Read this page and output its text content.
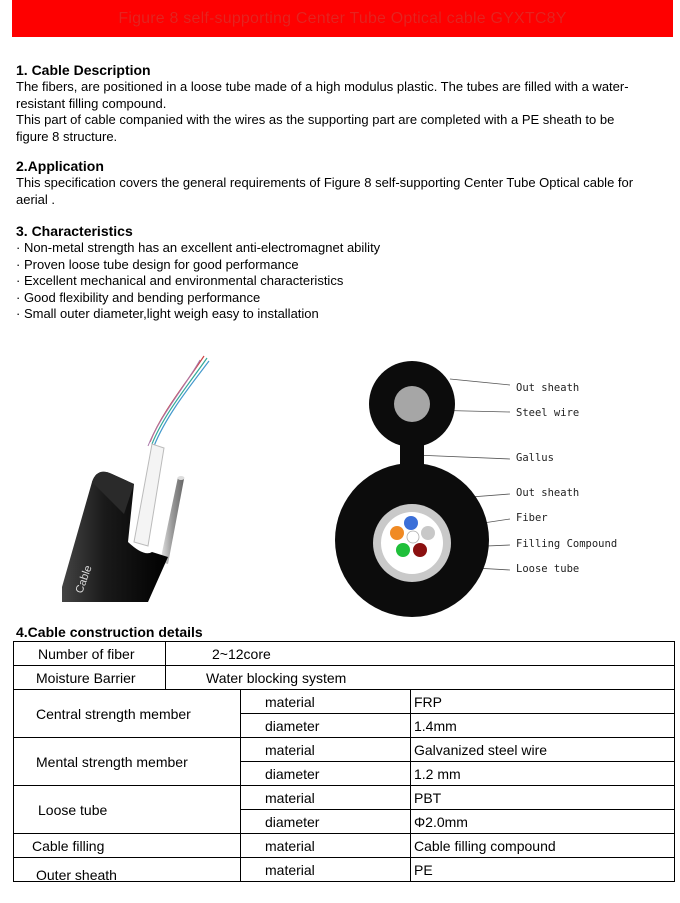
Figure 8 self-supporting Center Tube Optical cable GYXTC8Y
1. Cable Description

The fibers, are positioned in a loose tube made of a high modulus plastic. The tubes are filled with a water-

resistant filling compound.

This part of cable companied with the wires as the supporting part are completed with a PE sheath to be

figure 8 structure.

2.Application

This specification covers the general requirements of Figure 8 self-supporting Center Tube Optical cable for

aerial .

3. Characteristics

· Non-metal strength has an excellent anti-electromagnet ability

· Proven loose tube design for good performance

· Excellent mechanical and environmental characteristics

· Good flexibility and bending performance

· Small outer diameter,light weigh easy to installation

Cable
Out sheath
Steel wire
Gallus
Out sheath
Fiber
Filling Compound
Loose tube
4.Cable construction details
Number of fiber	2~12core		
Moisture Barrier	Water blocking system		
Central strength member		material	FRP
		diameter	1.4mm
Mental strength member		material	Galvanized steel wire
		diameter	1.2 mm
Loose tube		material	PBT
		diameter	Φ2.0mm
Cable filling		material	Cable filling compound
Outer sheath		material	PE
